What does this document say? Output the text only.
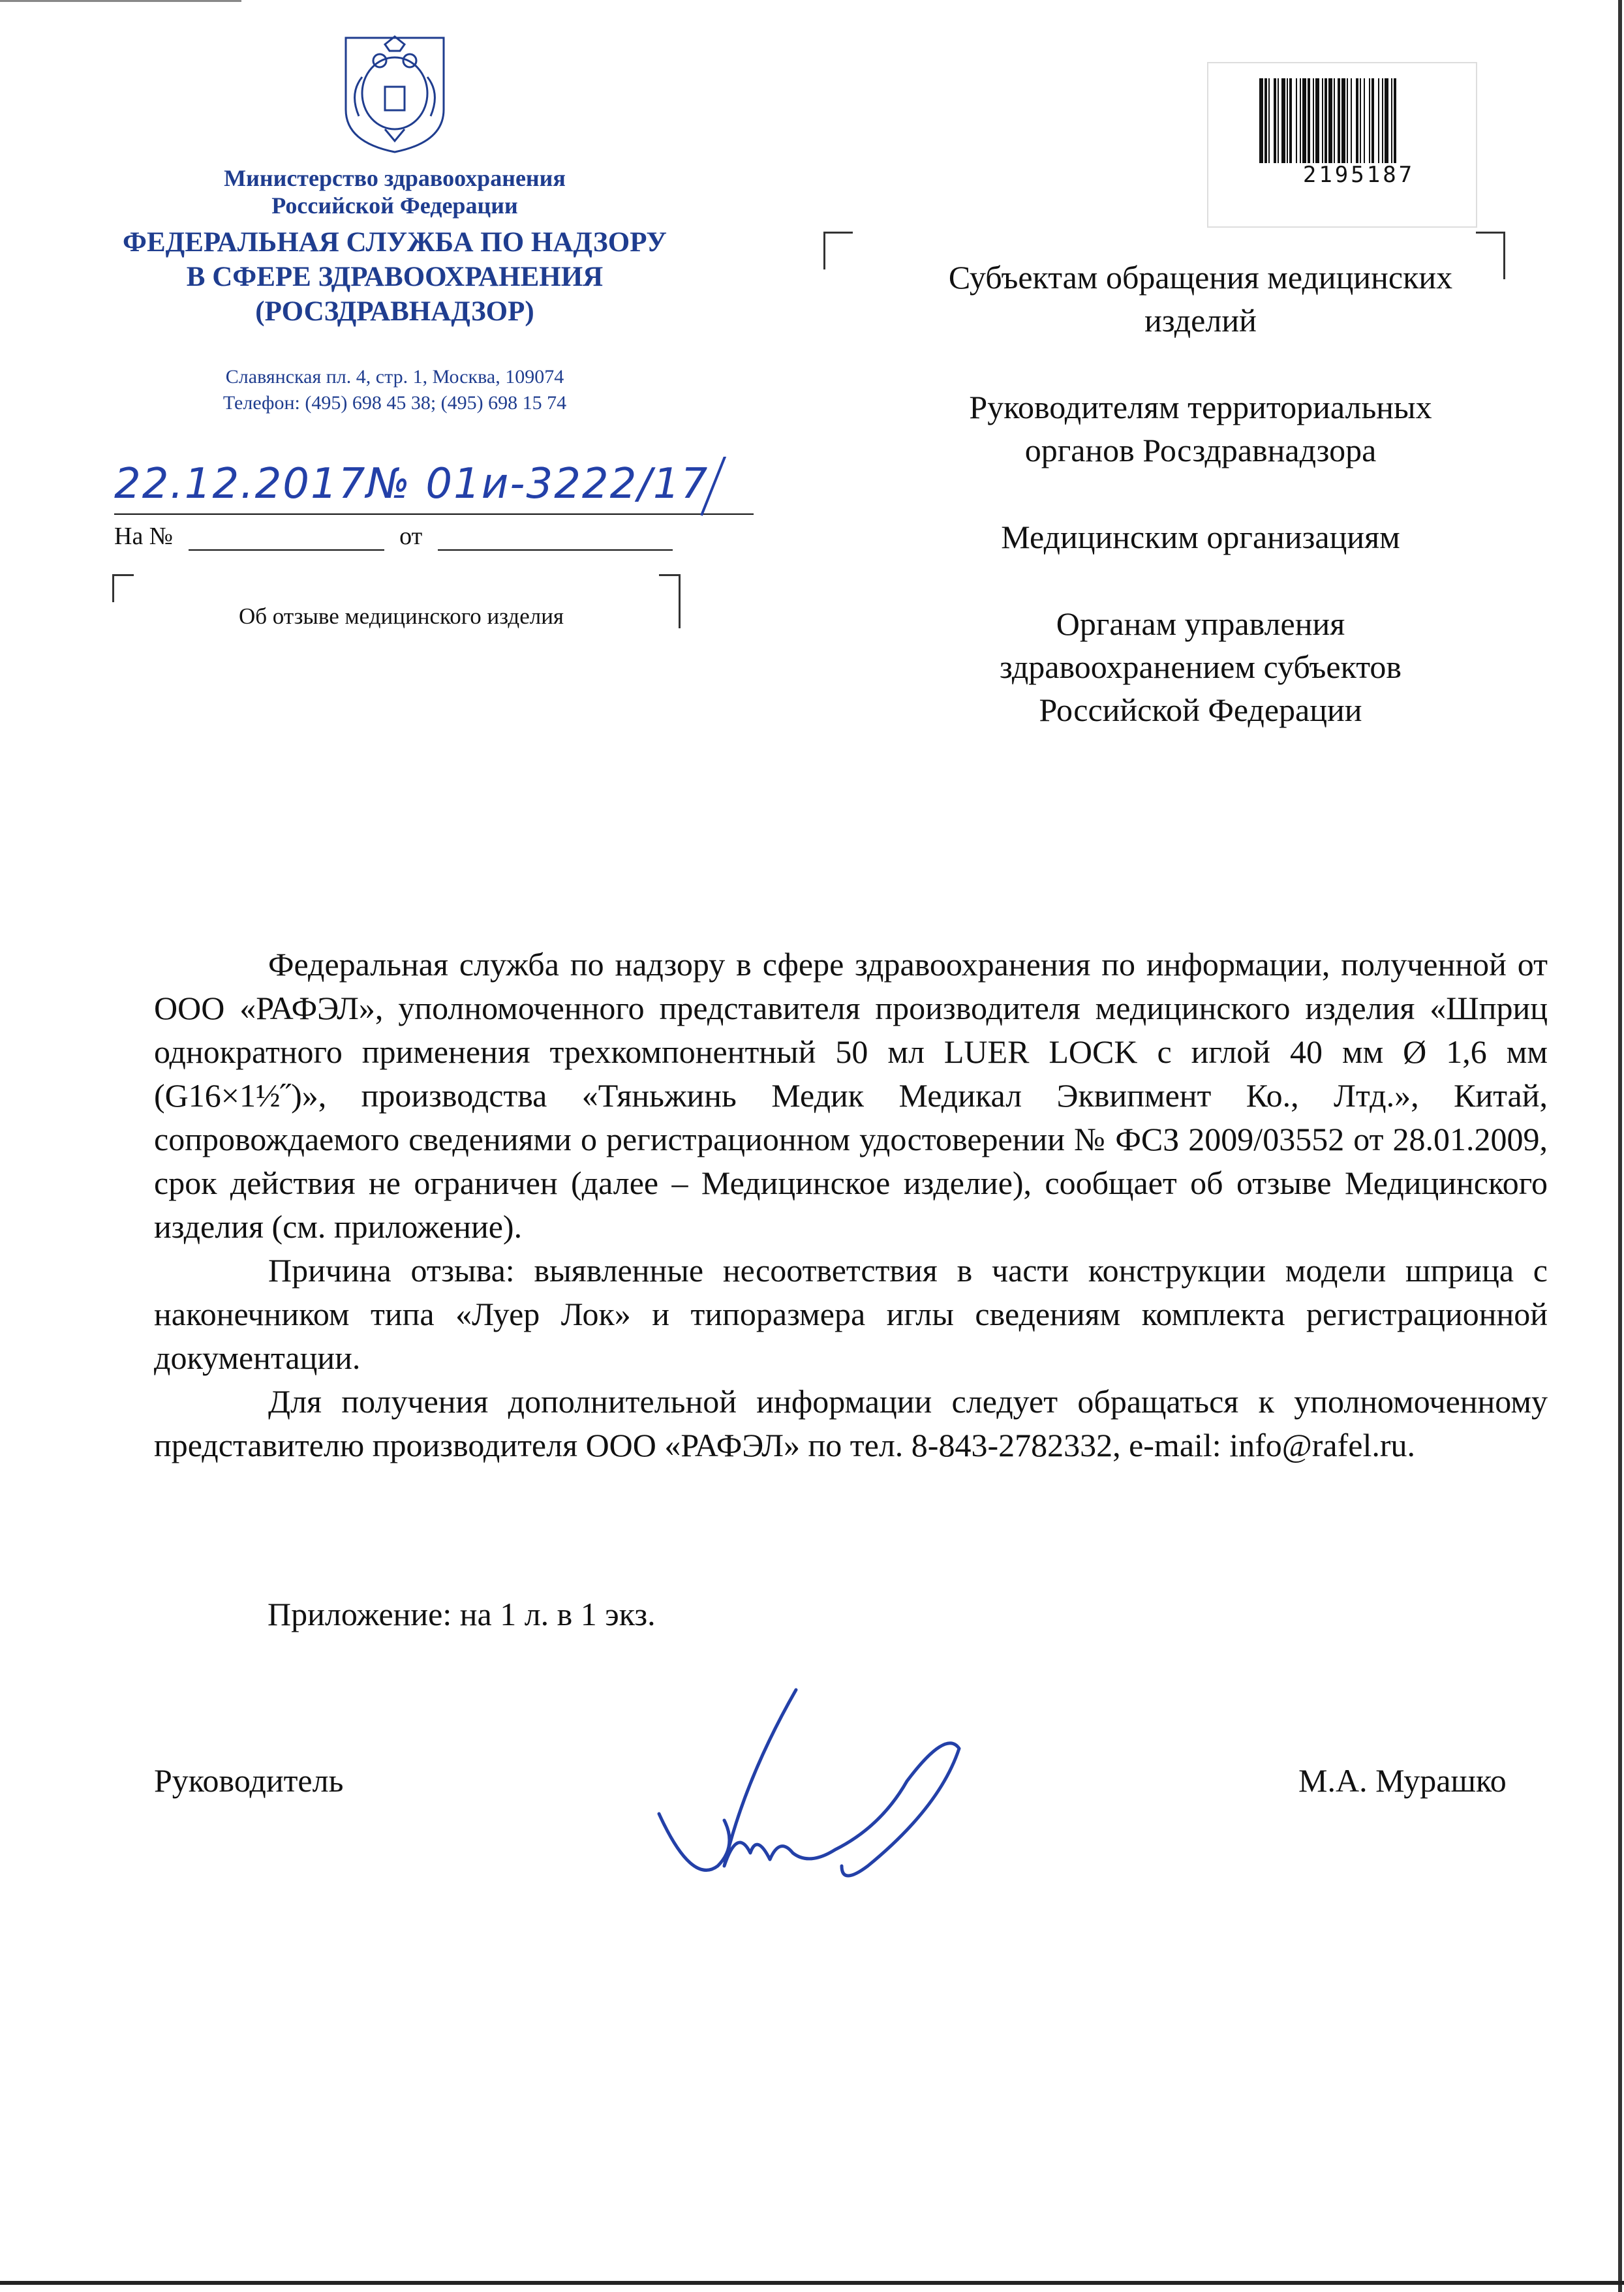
Министерство здравоохранения
Российской Федерации
ФЕДЕРАЛЬНАЯ СЛУЖБА ПО НАДЗОРУ
В СФЕРЕ ЗДРАВООХРАНЕНИЯ
(РОСЗДРАВНАДЗОР)
Славянская пл. 4, стр. 1, Москва, 109074
Телефон: (495) 698 45 38; (495) 698 15 74
22.12.2017№ 01и-3222/17
На №	от
Об отзыве медицинского изделия
2195187

Субъектам обращения медицинских изделий

Руководителям территориальных органов Росздравнадзора

Медицинским организациям

Органам управления здравоохранением субъектов Российской Федерации

Федеральная служба по надзору в сфере здравоохранения по информации, полученной от ООО «РАФЭЛ», уполномоченного представителя производителя медицинского изделия «Шприц однократного применения трехкомпонентный 50 мл LUER LOCK с иглой 40 мм Ø 1,6 мм (G16×1½˝)», производства «Тяньжинь Медик Медикал Эквипмент Ко., Лтд.», Китай, сопровождаемого сведениями о регистрационном удостоверении № ФСЗ 2009/03552 от 28.01.2009, срок действия не ограничен (далее – Медицинское изделие), сообщает об отзыве Медицинского изделия (см. приложение).

Причина отзыва: выявленные несоответствия в части конструкции модели шприца с наконечником типа «Луер Лок» и типоразмера иглы сведениям комплекта регистрационной документации.

Для получения дополнительной информации следует обращаться к уполномоченному представителю производителя ООО «РАФЭЛ» по тел. 8-843-2782332, e-mail: info@rafel.ru.

Приложение: на 1 л. в 1 экз.
Руководитель	М.А. Мурашко
